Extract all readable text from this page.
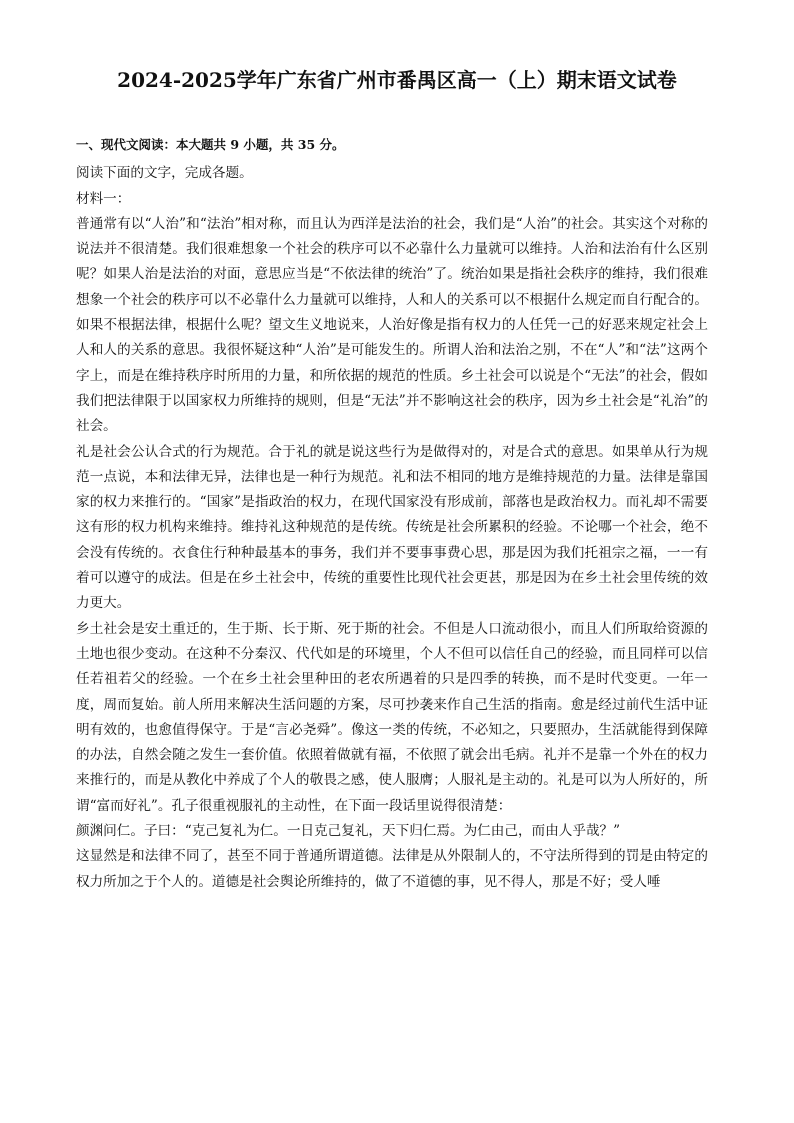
2024-2025学年广东省广州市番禺区高一（上）期末语文试卷

一、现代文阅读：本大题共 9 小题，共 35 分。

阅读下面的文字，完成各题。

材料一：

普通常有以“人治”和“法治”相对称，而且认为西洋是法治的社会，我们是“人治”的社会。其实这个对称的说法并不很清楚。我们很难想象一个社会的秩序可以不必靠什么力量就可以维持。人治和法治有什么区别呢？如果人治是法治的对面，意思应当是“不依法律的统治”了。统治如果是指社会秩序的维持，我们很难想象一个社会的秩序可以不必靠什么力量就可以维持，人和人的关系可以不根据什么规定而自行配合的。如果不根据法律，根据什么呢？望文生义地说来，人治好像是指有权力的人任凭一己的好恶来规定社会上人和人的关系的意思。我很怀疑这种“人治”是可能发生的。所谓人治和法治之别，不在“人”和“法”这两个字上，而是在维持秩序时所用的力量，和所依据的规范的性质。乡土社会可以说是个“无法”的社会，假如我们把法律限于以国家权力所维持的规则，但是“无法”并不影响这社会的秩序，因为乡土社会是“礼治”的社会。

礼是社会公认合式的行为规范。合于礼的就是说这些行为是做得对的，对是合式的意思。如果单从行为规范一点说，本和法律无异，法律也是一种行为规范。礼和法不相同的地方是维持规范的力量。法律是靠国家的权力来推行的。“国家”是指政治的权力，在现代国家没有形成前，部落也是政治权力。而礼却不需要这有形的权力机构来维持。维持礼这种规范的是传统。传统是社会所累积的经验。不论哪一个社会，绝不会没有传统的。衣食住行种种最基本的事务，我们并不要事事费心思，那是因为我们托祖宗之福，一一有着可以遵守的成法。但是在乡土社会中，传统的重要性比现代社会更甚，那是因为在乡土社会里传统的效力更大。

乡土社会是安土重迁的，生于斯、长于斯、死于斯的社会。不但是人口流动很小，而且人们所取给资源的土地也很少变动。在这种不分秦汉、代代如是的环境里，个人不但可以信任自己的经验，而且同样可以信任若祖若父的经验。一个在乡土社会里种田的老农所遇着的只是四季的转换，而不是时代变更。一年一度，周而复始。前人所用来解决生活问题的方案，尽可抄袭来作自己生活的指南。愈是经过前代生活中证明有效的，也愈值得保守。于是“言必尧舜”。像这一类的传统，不必知之，只要照办，生活就能得到保障的办法，自然会随之发生一套价值。依照着做就有福，不依照了就会出毛病。礼并不是靠一个外在的权力来推行的，而是从教化中养成了个人的敬畏之感，使人服膺；人服礼是主动的。礼是可以为人所好的，所谓“富而好礼”。孔子很重视服礼的主动性，在下面一段话里说得很清楚：

颜渊问仁。子曰：“克己复礼为仁。一日克己复礼，天下归仁焉。为仁由己，而由人乎哉？”

这显然是和法律不同了，甚至不同于普通所谓道德。法律是从外限制人的，不守法所得到的罚是由特定的权力所加之于个人的。道德是社会舆论所维持的，做了不道德的事，见不得人，那是不好；受人唾
